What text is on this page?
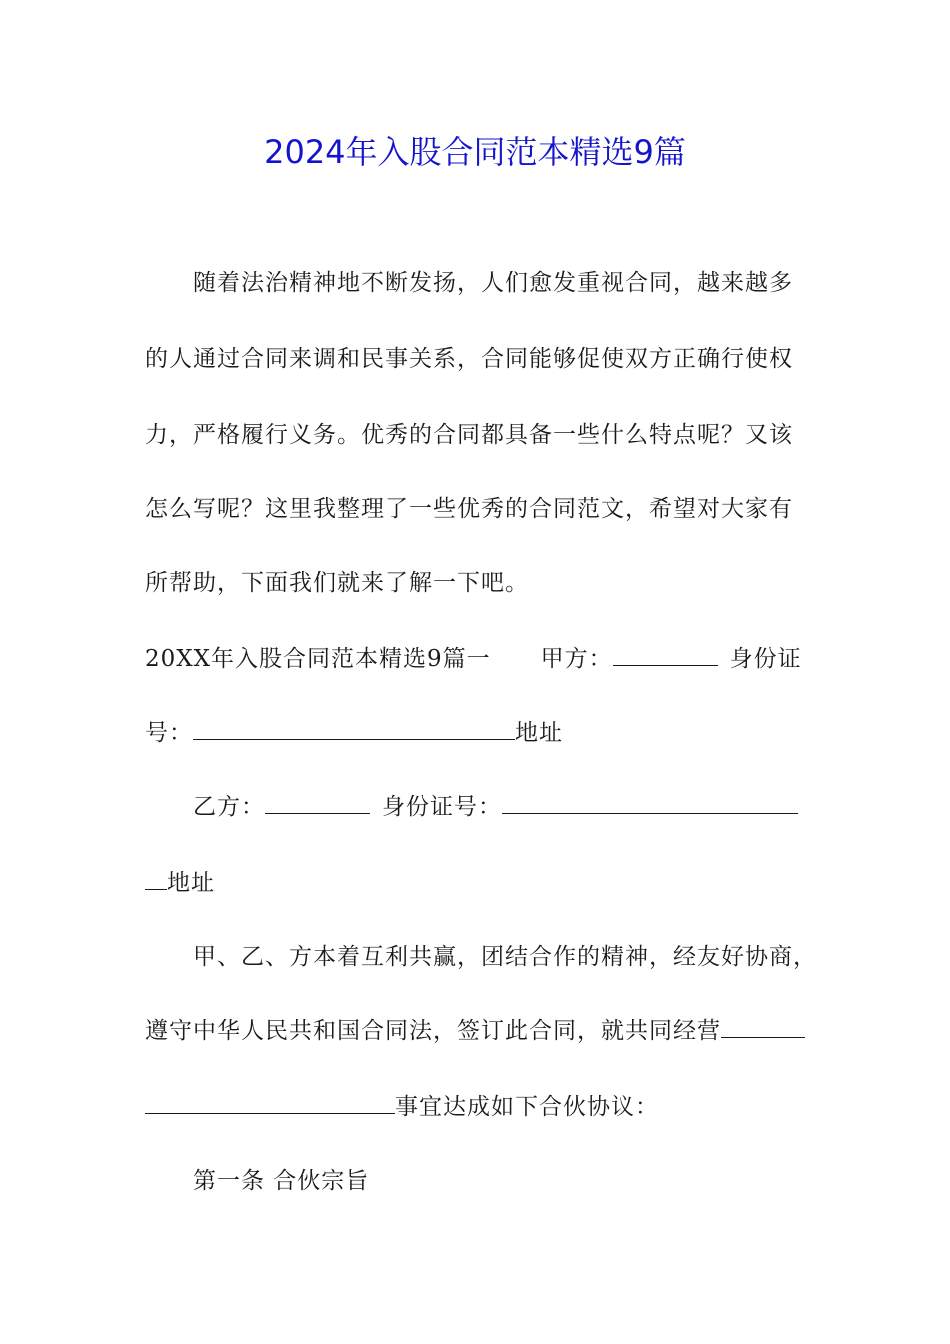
2024年入股合同范本精选9篇
随着法治精神地不断发扬，人们愈发重视合同，越来越多
的人通过合同来调和民事关系，合同能够促使双方正确行使权
力，严格履行义务。优秀的合同都具备一些什么特点呢？又该
怎么写呢？这里我整理了一些优秀的合同范文，希望对大家有
所帮助，下面我们就来了解一下吧。
20XX年入股合同范本精选9篇一 甲方：	身份证
号：	地址
乙方：	身份证号：
地址
甲、乙、方本着互利共赢，团结合作的精神，经友好协商，
遵守中华人民共和国合同法，签订此合同，就共同经营
事宜达成如下合伙协议：
第一条 合伙宗旨
